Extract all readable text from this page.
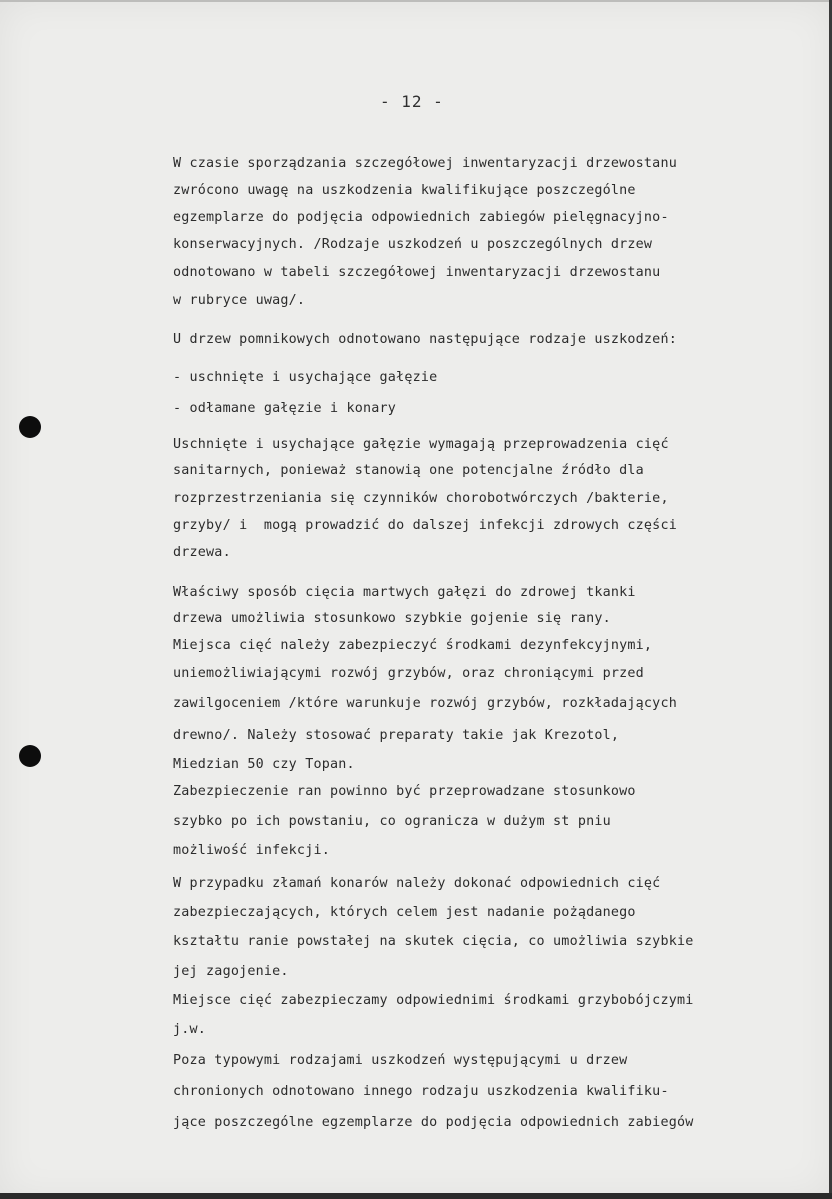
- 12 -
W czasie sporządzania szczegółowej inwentaryzacji drzewostanu
zwrócono uwagę na uszkodzenia kwalifikujące poszczególne
egzemplarze do podjęcia odpowiednich zabiegów pielęgnacyjno-
konserwacyjnych. /Rodzaje uszkodzeń u poszczególnych drzew
odnotowano w tabeli szczegółowej inwentaryzacji drzewostanu
w rubryce uwag/.
U drzew pomnikowych odnotowano następujące rodzaje uszkodzeń:
- uschnięte i usychające gałęzie
- odłamane gałęzie i konary
Uschnięte i usychające gałęzie wymagają przeprowadzenia cięć
sanitarnych, ponieważ stanowią one potencjalne źródło dla
rozprzestrzeniania się czynników chorobotwórczych /bakterie,
grzyby/ i  mogą prowadzić do dalszej infekcji zdrowych części
drzewa.
Właściwy sposób cięcia martwych gałęzi do zdrowej tkanki
drzewa umożliwia stosunkowo szybkie gojenie się rany.
Miejsca cięć należy zabezpieczyć środkami dezynfekcyjnymi,
uniemożliwiającymi rozwój grzybów, oraz chroniącymi przed
zawilgoceniem /które warunkuje rozwój grzybów, rozkładających
drewno/. Należy stosować preparaty takie jak Krezotol,
Miedzian 50 czy Topan.
Zabezpieczenie ran powinno być przeprowadzane stosunkowo
szybko po ich powstaniu, co ogranicza w dużym st pniu
możliwość infekcji.
W przypadku złamań konarów należy dokonać odpowiednich cięć
zabezpieczających, których celem jest nadanie pożądanego
kształtu ranie powstałej na skutek cięcia, co umożliwia szybkie
jej zagojenie.
Miejsce cięć zabezpieczamy odpowiednimi środkami grzybobójczymi
j.w.
Poza typowymi rodzajami uszkodzeń występującymi u drzew
chronionych odnotowano innego rodzaju uszkodzenia kwalifiku-
jące poszczególne egzemplarze do podjęcia odpowiednich zabiegów
